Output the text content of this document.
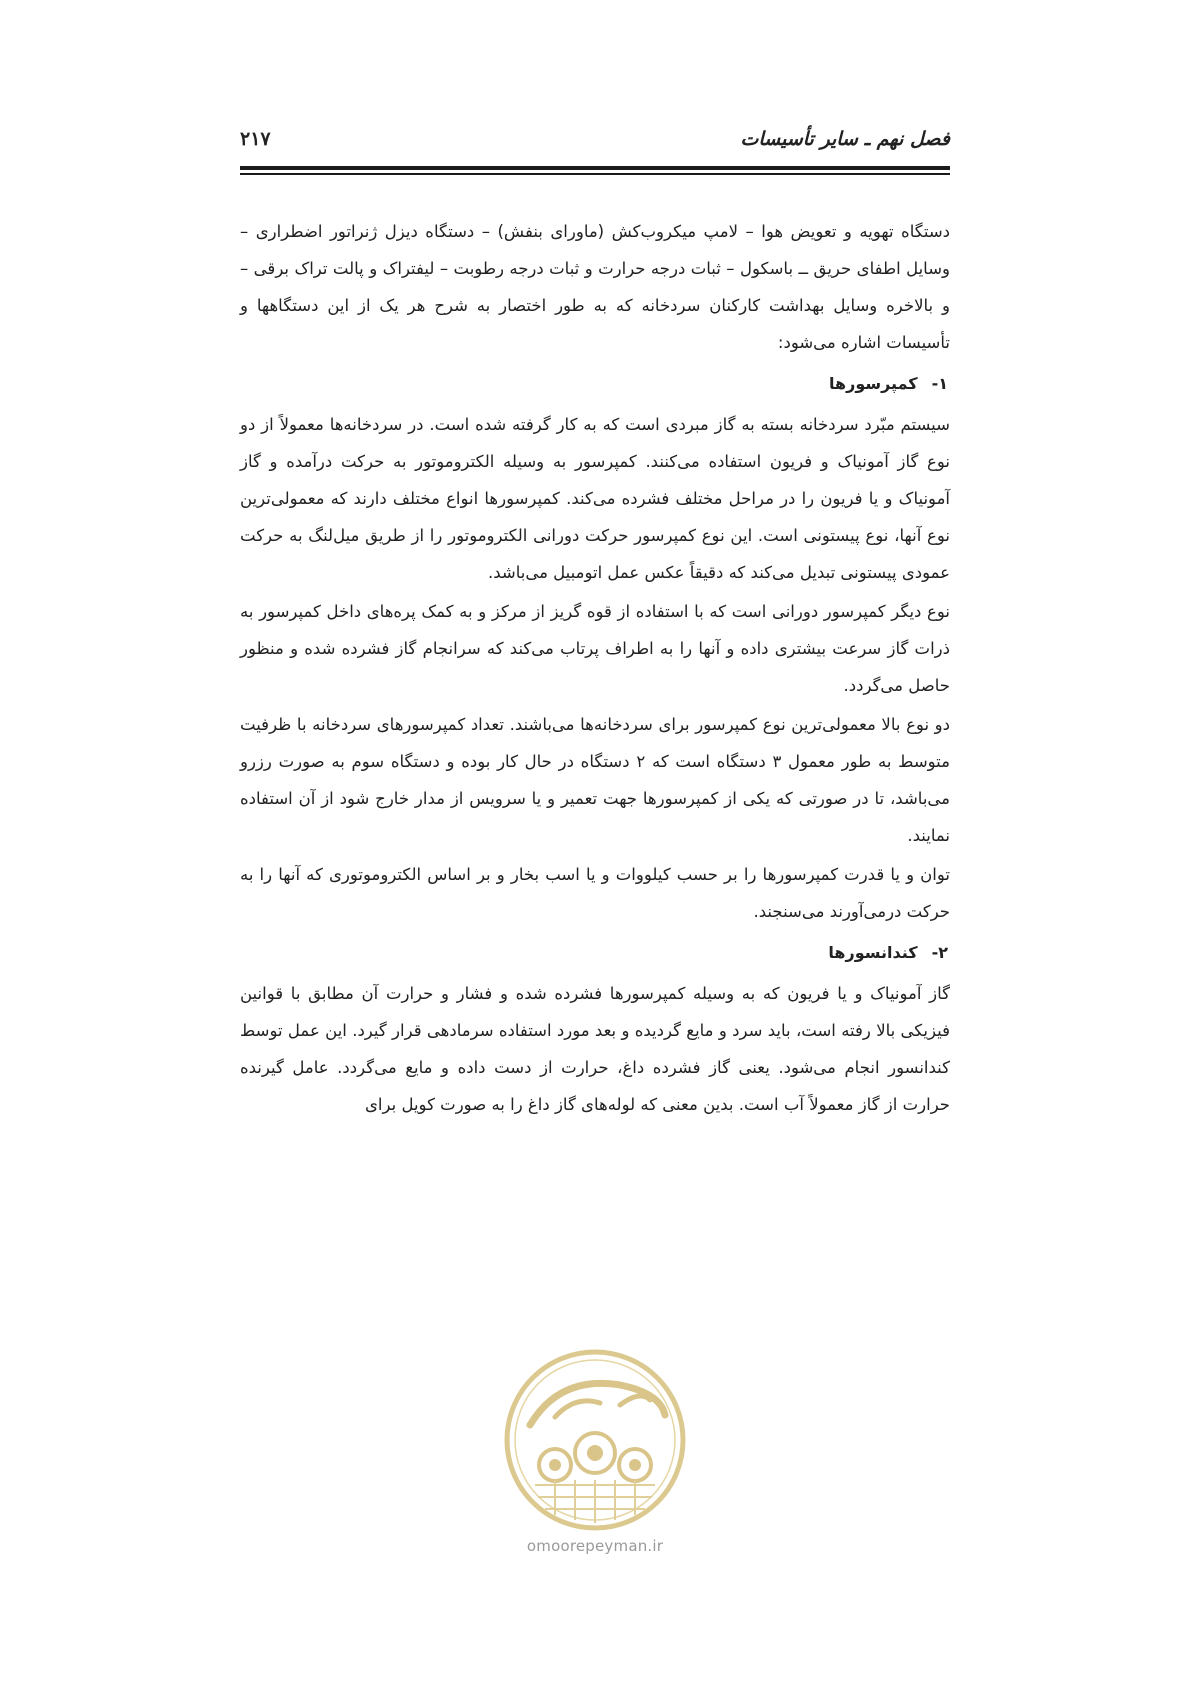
فصل نهم ـ سایر تأسیسات
۲۱۷

دستگاه تهویه و تعویض هوا – لامپ میکروب‌کش (ماورای بنفش) – دستگاه دیزل ژنراتور اضطراری – وسایل اطفای حریق ــ باسکول – ثبات درجه حرارت و ثبات درجه رطوبت – لیفتراک و پالت تراک برقی – و بالاخره وسایل بهداشت کارکنان سردخانه که به طور اختصار به شرح هر یک از این دستگاهها و تأسیسات اشاره می‌شود:

۱-کمپرسورها

سیستم مبّرد سردخانه بسته به گاز مبردی است که به کار گرفته شده است. در سردخانه‌ها معمولاً از دو نوع گاز آمونیاک و فریون استفاده می‌کنند. کمپرسور به وسیله الکتروموتور به حرکت درآمده و گاز آمونیاک و یا فریون را در مراحل مختلف فشرده می‌کند. کمپرسورها انواع مختلف دارند که معمولی‌ترین نوع آنها، نوع پیستونی است. این نوع کمپرسور حرکت دورانی الکتروموتور را از طریق میل‌لنگ به حرکت عمودی پیستونی تبدیل می‌کند که دقیقاً عکس عمل اتومبیل می‌باشد.

نوع دیگر کمپرسور دورانی است که با استفاده از قوه گریز از مرکز و به کمک پره‌های داخل کمپرسور به ذرات گاز سرعت بیشتری داده و آنها را به اطراف پرتاب می‌کند که سرانجام گاز فشرده شده و منظور حاصل می‌گردد.

دو نوع بالا معمولی‌ترین نوع کمپرسور برای سردخانه‌ها می‌باشند. تعداد کمپرسورهای سردخانه با ظرفیت متوسط به طور معمول ۳ دستگاه است که ۲ دستگاه در حال کار بوده و دستگاه سوم به صورت رزرو می‌باشد، تا در صورتی که یکی از کمپرسورها جهت تعمیر و یا سرویس از مدار خارج شود از آن استفاده نمایند.

توان و یا قدرت کمپرسورها را بر حسب کیلووات و یا اسب بخار و بر اساس الکتروموتوری که آنها را به حرکت درمی‌آورند می‌سنجند.

۲-کندانسورها

گاز آمونیاک و یا فریون که به وسیله کمپرسورها فشرده شده و فشار و حرارت آن مطابق با قوانین فیزیکی بالا رفته است، باید سرد و مایع گردیده و بعد مورد استفاده سرمادهی قرار گیرد. این عمل توسط کندانسور انجام می‌شود. یعنی گاز فشرده داغ، حرارت از دست داده و مایع می‌گردد. عامل گیرنده حرارت از گاز معمولاً آب است. بدین معنی که لوله‌های گاز داغ را به صورت کویل برای

omoorepeyman.ir
